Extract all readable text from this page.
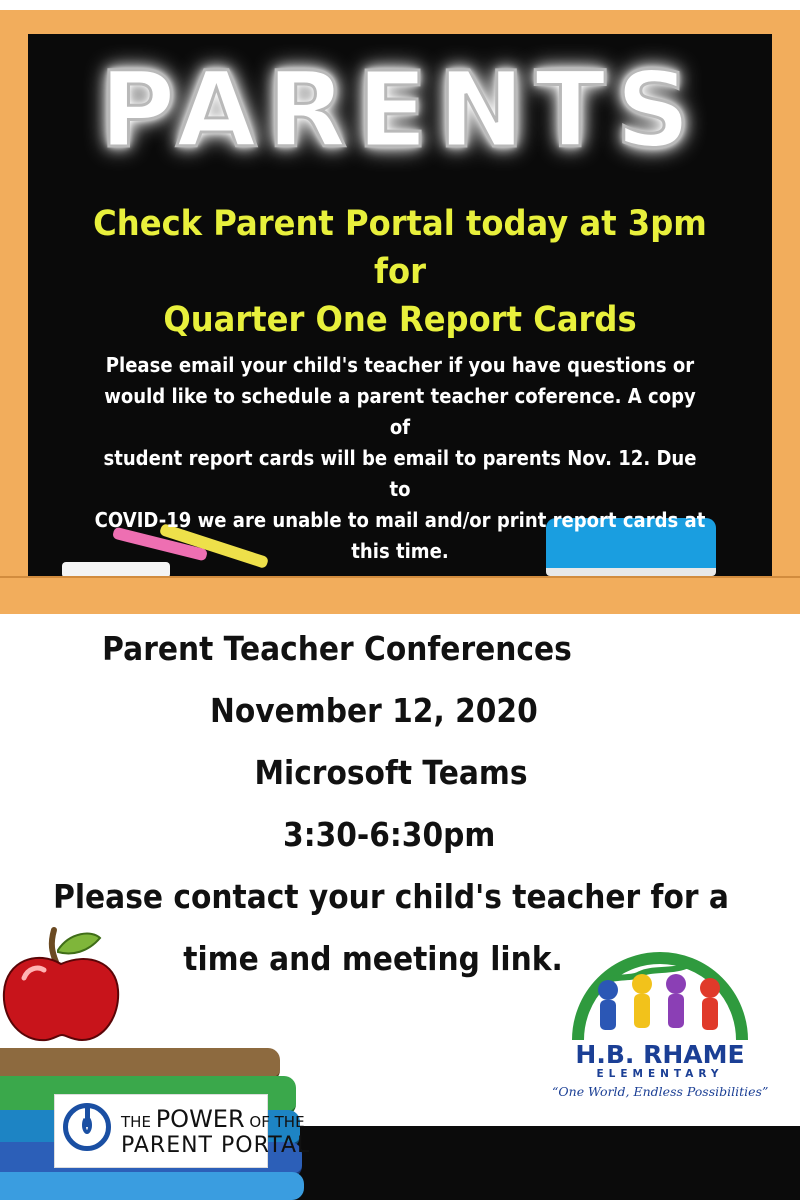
PARENTS
Check Parent Portal today at 3pm for
Quarter One Report Cards
Please email your child's teacher if you have questions or
would like to schedule a parent teacher coference. A copy of
student report cards will be email to parents Nov. 12. Due to
COVID-19 we are unable to mail and/or print report cards at
this time.
Parent Teacher Conferences
November 12, 2020
Microsoft Teams
3:30-6:30pm
Please contact your child's teacher for a
time and meeting link.
THE POWER OF THE
PARENT PORTAL
H.B. RHAME
ELEMENTARY
“One World, Endless Possibilities”
